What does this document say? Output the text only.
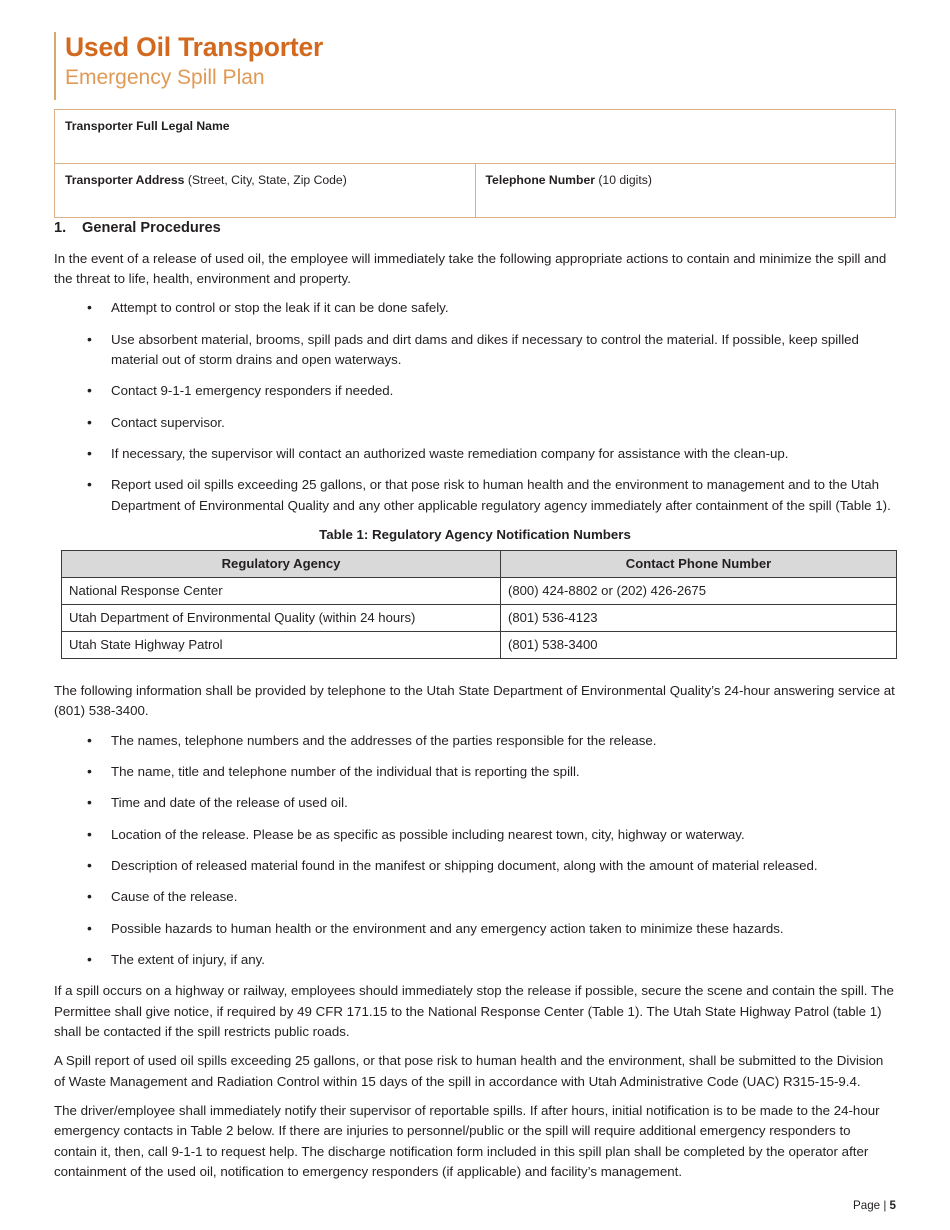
Used Oil Transporter
Emergency Spill Plan
Transporter Full Legal Name
Transporter Address (Street, City, State, Zip Code)	Telephone Number (10 digits)
1. General Procedures

In the event of a release of used oil, the employee will immediately take the following appropriate actions to contain and minimize the spill and the threat to life, health, environment and property.

• Attempt to control or stop the leak if it can be done safely.
• Use absorbent material, brooms, spill pads and dirt dams and dikes if necessary to control the material. If possible, keep spilled material out of storm drains and open waterways.
• Contact 9-1-1 emergency responders if needed.
• Contact supervisor.
• If necessary, the supervisor will contact an authorized waste remediation company for assistance with the clean-up.
• Report used oil spills exceeding 25 gallons, or that pose risk to human health and the environment to management and to the Utah Department of Environmental Quality and any other applicable regulatory agency immediately after containment of the spill (Table 1).
Table 1: Regulatory Agency Notification Numbers
Regulatory Agency	Contact Phone Number
National Response Center	(800) 424-8802 or (202) 426-2675
Utah Department of Environmental Quality (within 24 hours)	(801) 536-4123
Utah State Highway Patrol	(801) 538-3400

The following information shall be provided by telephone to the Utah State Department of Environmental Quality’s 24-hour answering service at (801) 538-3400.

• The names, telephone numbers and the addresses of the parties responsible for the release.
• The name, title and telephone number of the individual that is reporting the spill.
• Time and date of the release of used oil.
• Location of the release. Please be as specific as possible including nearest town, city, highway or waterway.
• Description of released material found in the manifest or shipping document, along with the amount of material released.
• Cause of the release.
• Possible hazards to human health or the environment and any emergency action taken to minimize these hazards.
• The extent of injury, if any.

If a spill occurs on a highway or railway, employees should immediately stop the release if possible, secure the scene and contain the spill. The Permittee shall give notice, if required by 49 CFR 171.15 to the National Response Center (Table 1). The Utah State Highway Patrol (table 1) shall be contacted if the spill restricts public roads.

A Spill report of used oil spills exceeding 25 gallons, or that pose risk to human health and the environment, shall be submitted to the Division of Waste Management and Radiation Control within 15 days of the spill in accordance with Utah Administrative Code (UAC) R315-15-9.4.

The driver/employee shall immediately notify their supervisor of reportable spills. If after hours, initial notification is to be made to the 24-hour emergency contacts in Table 2 below. If there are injuries to personnel/public or the spill will require additional emergency responders to contain it, then, call 9-1-1 to request help. The discharge notification form included in this spill plan shall be completed by the operator after containment of the used oil, notification to emergency responders (if applicable) and facility’s management.

Page | 5
